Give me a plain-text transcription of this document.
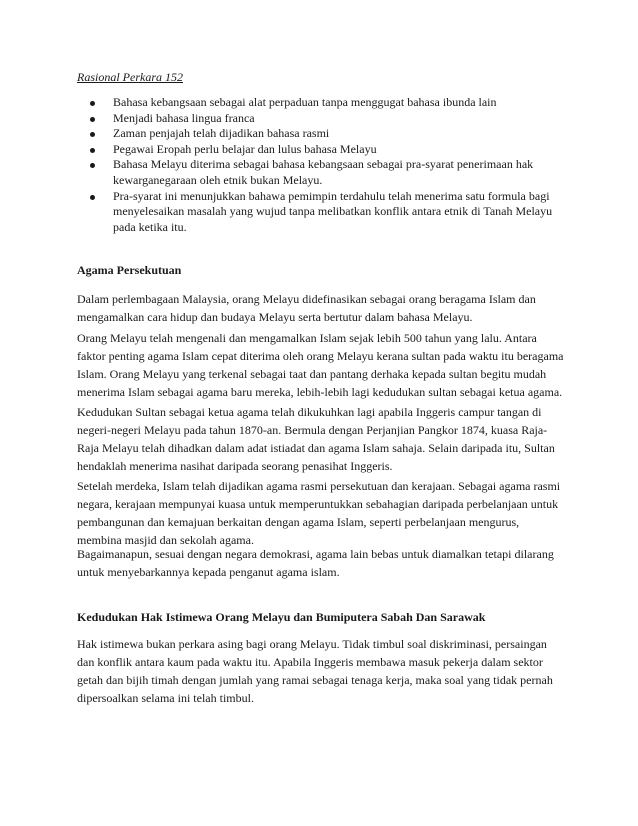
Rasional Perkara 152
Bahasa kebangsaan sebagai alat perpaduan tanpa menggugat bahasa ibunda lain
Menjadi bahasa lingua franca
Zaman penjajah telah dijadikan bahasa rasmi
Pegawai Eropah perlu belajar dan lulus bahasa Melayu
Bahasa Melayu diterima sebagai bahasa kebangsaan sebagai pra-syarat penerimaan hak kewarganegaraan oleh etnik bukan Melayu.
Pra-syarat ini menunjukkan bahawa pemimpin terdahulu telah menerima satu formula bagi menyelesaikan masalah yang wujud tanpa melibatkan konflik antara etnik di Tanah Melayu pada ketika itu.
Agama Persekutuan

Dalam perlembagaan Malaysia, orang Melayu didefinasikan sebagai orang beragama Islam dan mengamalkan cara hidup dan budaya Melayu serta bertutur dalam bahasa Melayu.

Orang Melayu telah mengenali dan mengamalkan Islam sejak lebih 500 tahun yang lalu. Antara faktor penting agama Islam cepat diterima oleh orang Melayu kerana sultan pada waktu itu beragama Islam. Orang Melayu yang terkenal sebagai taat dan pantang derhaka kepada sultan begitu mudah menerima Islam sebagai agama baru mereka, lebih-lebih lagi kedudukan sultan sebagai ketua agama.

Kedudukan Sultan sebagai ketua agama telah dikukuhkan lagi apabila Inggeris campur tangan di negeri-negeri Melayu pada tahun 1870-an. Bermula dengan Perjanjian Pangkor 1874, kuasa Raja-Raja Melayu telah dihadkan dalam adat istiadat dan agama Islam sahaja. Selain daripada itu, Sultan hendaklah menerima nasihat daripada seorang penasihat Inggeris.

Setelah merdeka, Islam telah dijadikan agama rasmi persekutuan dan kerajaan. Sebagai agama rasmi negara, kerajaan mempunyai kuasa untuk memperuntukkan sebahagian daripada perbelanjaan untuk pembangunan dan kemajuan berkaitan dengan agama Islam, seperti perbelanjaan mengurus, membina masjid dan sekolah agama.

Bagaimanapun, sesuai dengan negara demokrasi, agama lain bebas untuk diamalkan tetapi dilarang untuk menyebarkannya kepada penganut agama islam.

Kedudukan Hak Istimewa Orang Melayu dan Bumiputera Sabah Dan Sarawak

Hak istimewa bukan perkara asing bagi orang Melayu. Tidak timbul soal diskriminasi, persaingan dan konflik antara kaum pada waktu itu. Apabila Inggeris membawa masuk pekerja dalam sektor getah dan bijih timah dengan jumlah yang ramai sebagai tenaga kerja, maka soal yang tidak pernah dipersoalkan selama ini telah timbul.
